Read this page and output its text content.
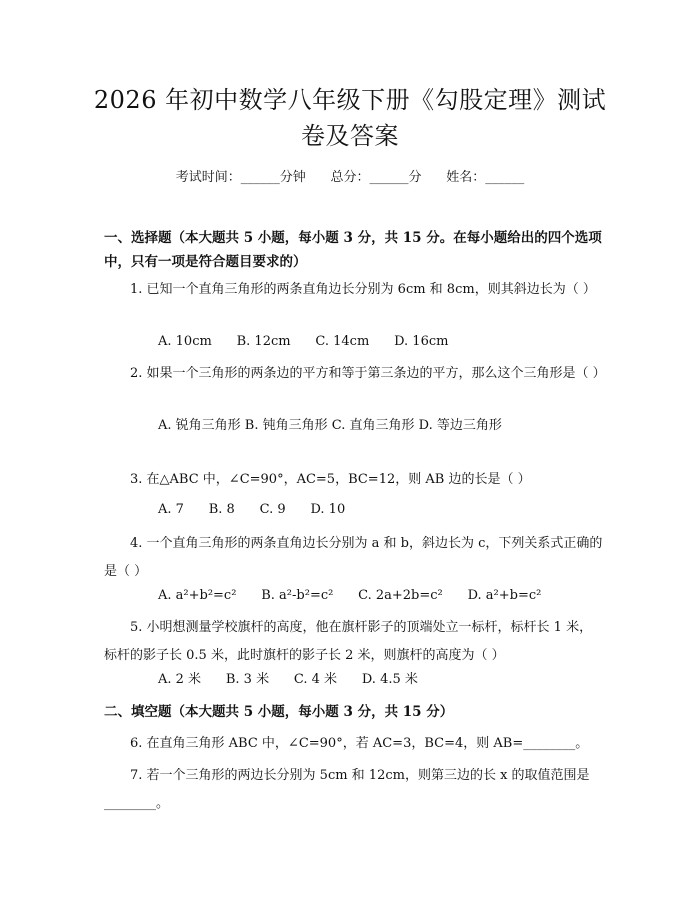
2026 年初中数学八年级下册《勾股定理》测试卷及答案
考试时间：______分钟      总分：______分      姓名：______
一、选择题（本大题共 5 小题，每小题 3 分，共 15 分。在每小题给出的四个选项中，只有一项是符合题目要求的）
1. 已知一个直角三角形的两条直角边长分别为 6cm 和 8cm，则其斜边长为（ ）
A. 10cm B. 12cm C. 14cm D. 16cm
2. 如果一个三角形的两条边的平方和等于第三条边的平方，那么这个三角形是（ ）
A. 锐角三角形 B. 钝角三角形 C. 直角三角形 D. 等边三角形
3. 在△ABC 中，∠C=90°，AC=5，BC=12，则 AB 边的长是（ ）
A. 7 B. 8 C. 9 D. 10
4. 一个直角三角形的两条直角边长分别为 a 和 b，斜边长为 c，下列关系式正确的是（ ）
A. a²+b²=c² B. a²-b²=c² C. 2a+2b=c² D. a²+b=c²
5. 小明想测量学校旗杆的高度，他在旗杆影子的顶端处立一标杆，标杆长 1 米，标杆的影子长 0.5 米，此时旗杆的影子长 2 米，则旗杆的高度为（ ）
A. 2 米 B. 3 米 C. 4 米 D. 4.5 米
二、填空题（本大题共 5 小题，每小题 3 分，共 15 分）
6. 在直角三角形 ABC 中，∠C=90°，若 AC=3，BC=4，则 AB=________。
7. 若一个三角形的两边长分别为 5cm 和 12cm，则第三边的长 x 的取值范围是________。
